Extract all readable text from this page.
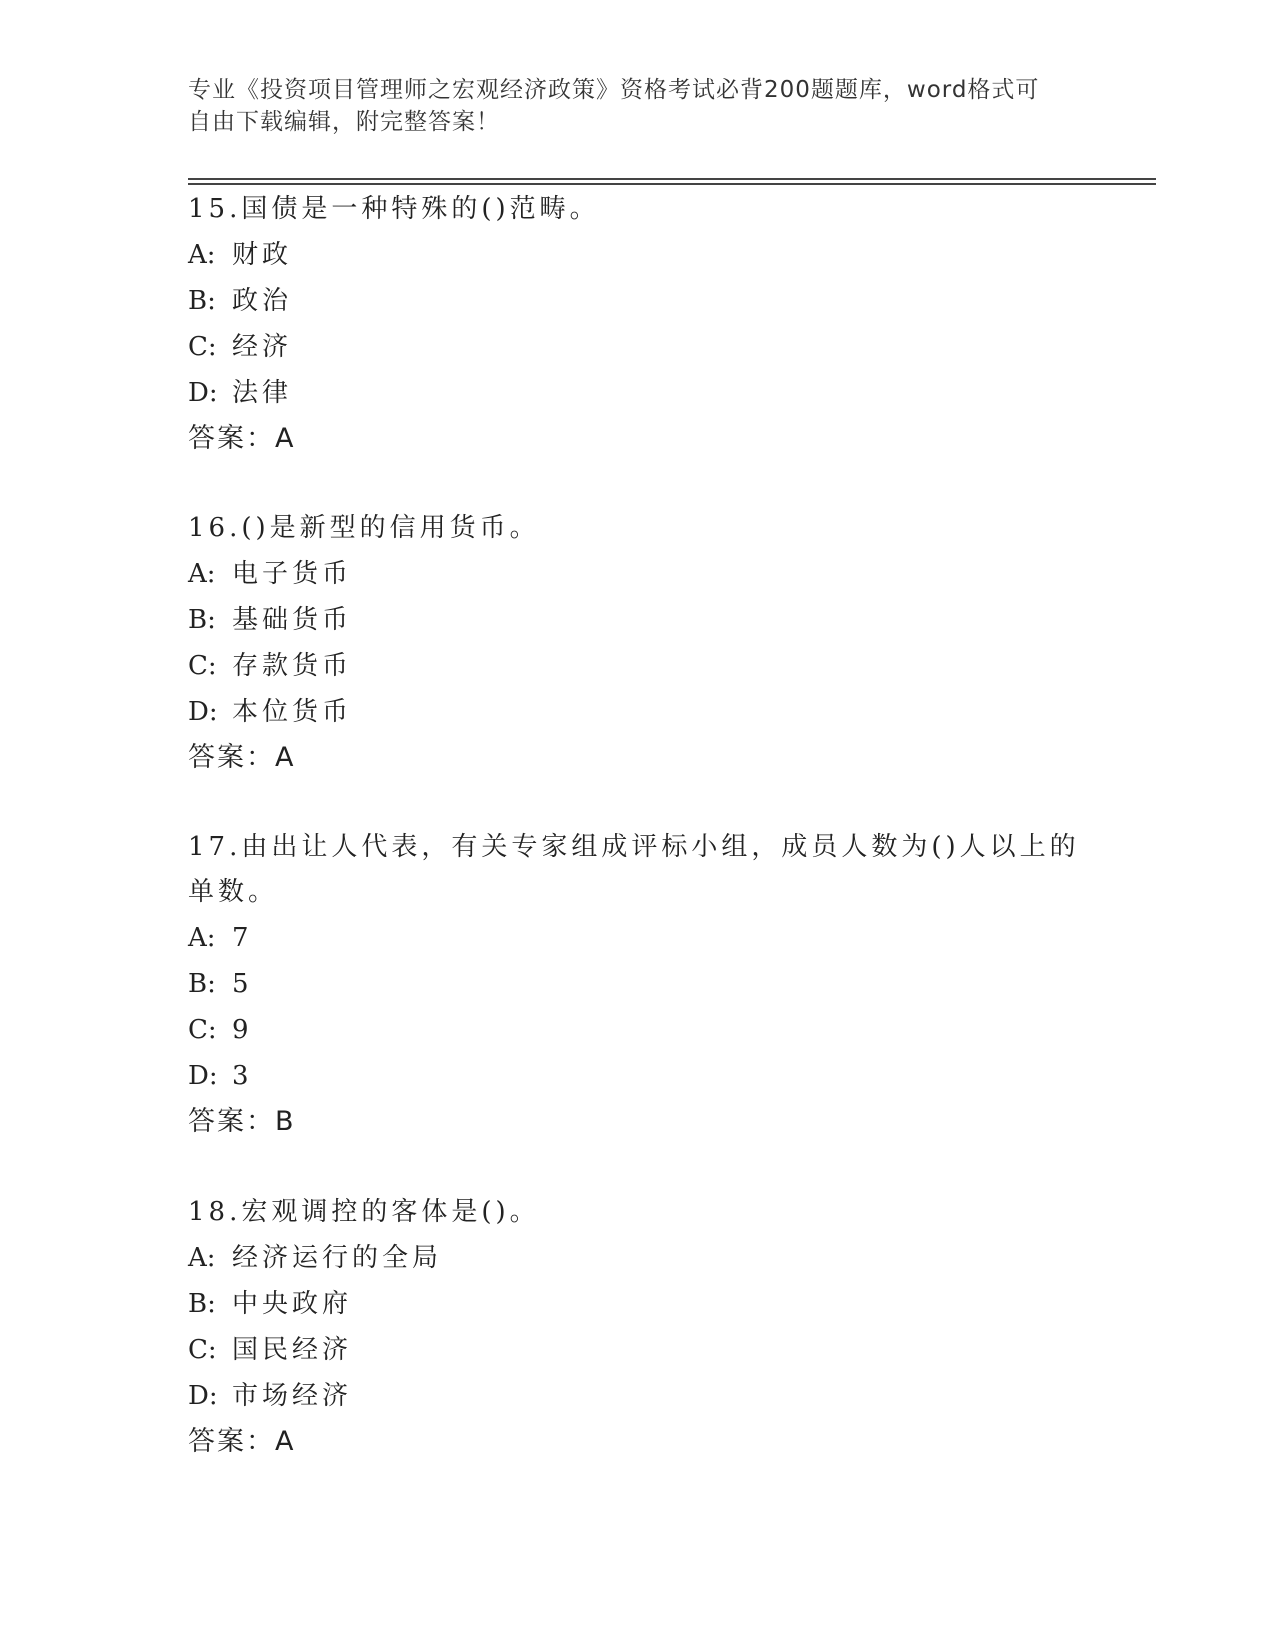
专业《投资项目管理师之宏观经济政策》资格考试必背200题题库，word格式可
自由下载编辑，附完整答案！
15.国债是一种特殊的()范畴。
A: 财政
B: 政治
C: 经济
D: 法律
答案：A
16.()是新型的信用货币。
A: 电子货币
B: 基础货币
C: 存款货币
D: 本位货币
答案：A
17.由出让人代表，有关专家组成评标小组，成员人数为()人以上的单数。
A: 7
B: 5
C: 9
D: 3
答案：B
18.宏观调控的客体是()。
A: 经济运行的全局
B: 中央政府
C: 国民经济
D: 市场经济
答案：A
